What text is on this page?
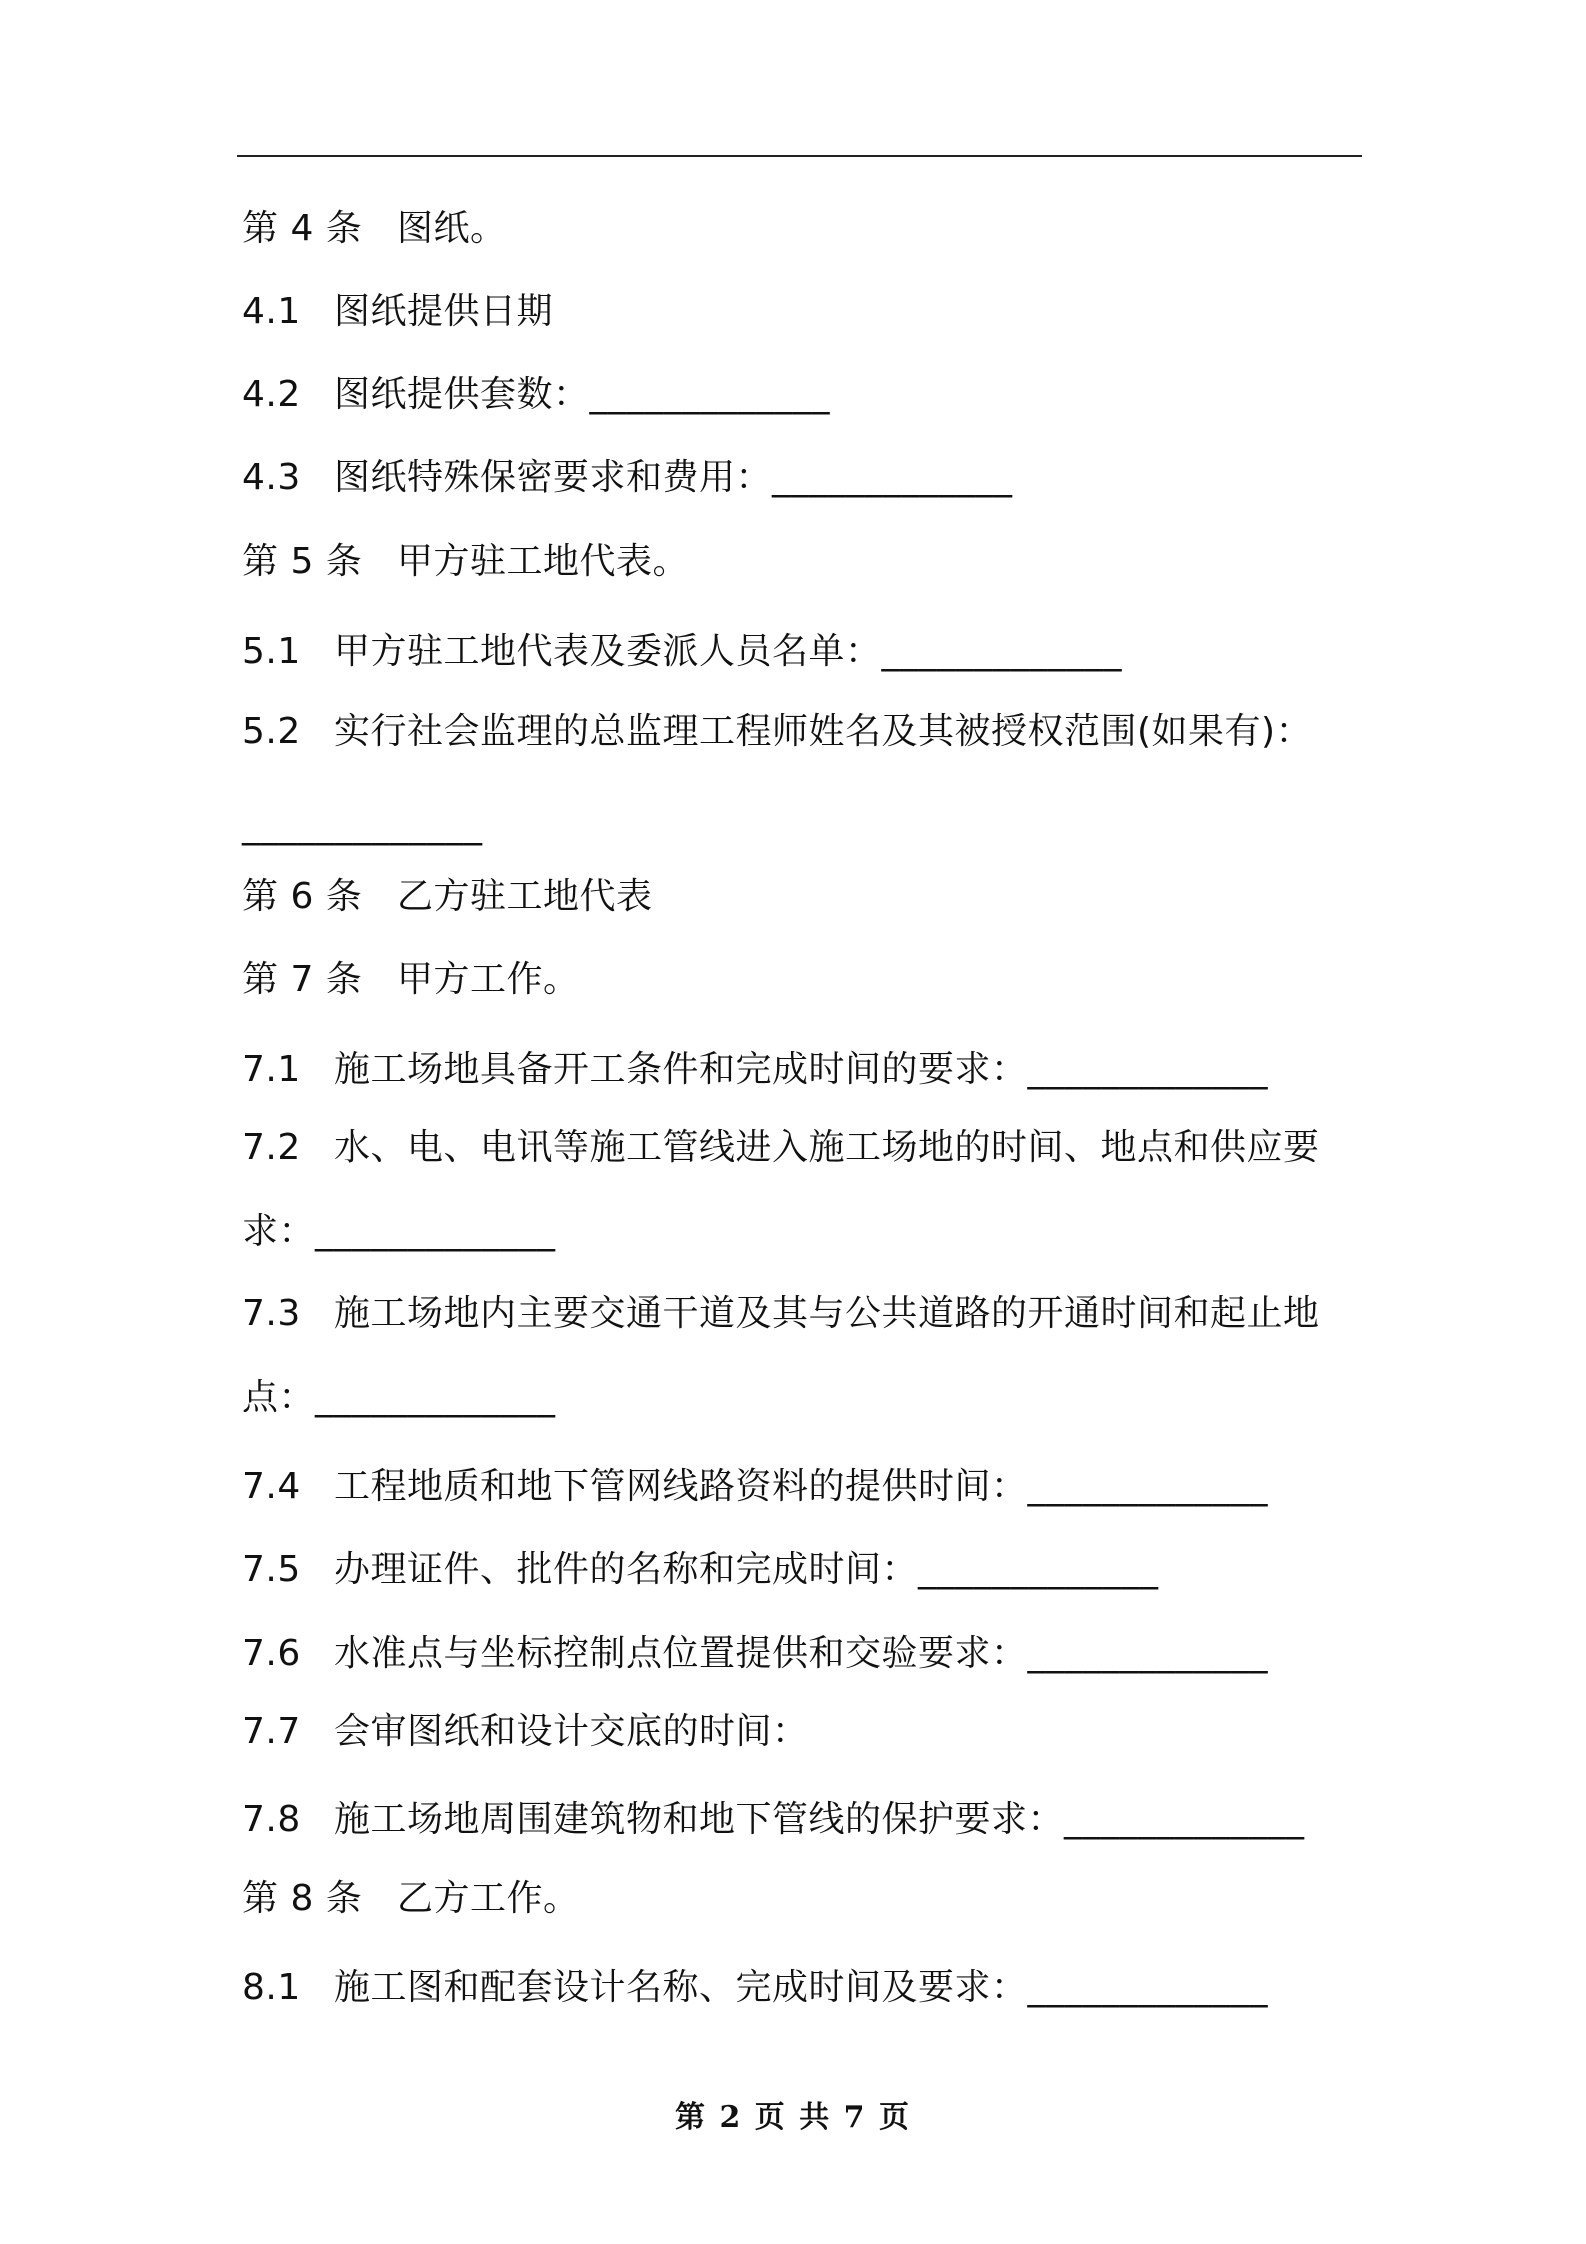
第 4 条 图纸。
4.1 图纸提供日期
4.2 图纸提供套数：_____________
4.3 图纸特殊保密要求和费用：_____________
第 5 条 甲方驻工地代表。
5.1 甲方驻工地代表及委派人员名单：_____________
5.2 实行社会监理的总监理工程师姓名及其被授权范围(如果有)：
_____________
第 6 条 乙方驻工地代表
第 7 条 甲方工作。
7.1 施工场地具备开工条件和完成时间的要求：_____________
7.2 水、电、电讯等施工管线进入施工场地的时间、地点和供应要
求：_____________
7.3 施工场地内主要交通干道及其与公共道路的开通时间和起止地
点：_____________
7.4 工程地质和地下管网线路资料的提供时间：_____________
7.5 办理证件、批件的名称和完成时间：_____________
7.6 水准点与坐标控制点位置提供和交验要求：_____________
7.7 会审图纸和设计交底的时间：
7.8 施工场地周围建筑物和地下管线的保护要求：_____________
第 8 条 乙方工作。
8.1 施工图和配套设计名称、完成时间及要求：_____________
第 2 页 共 7 页
